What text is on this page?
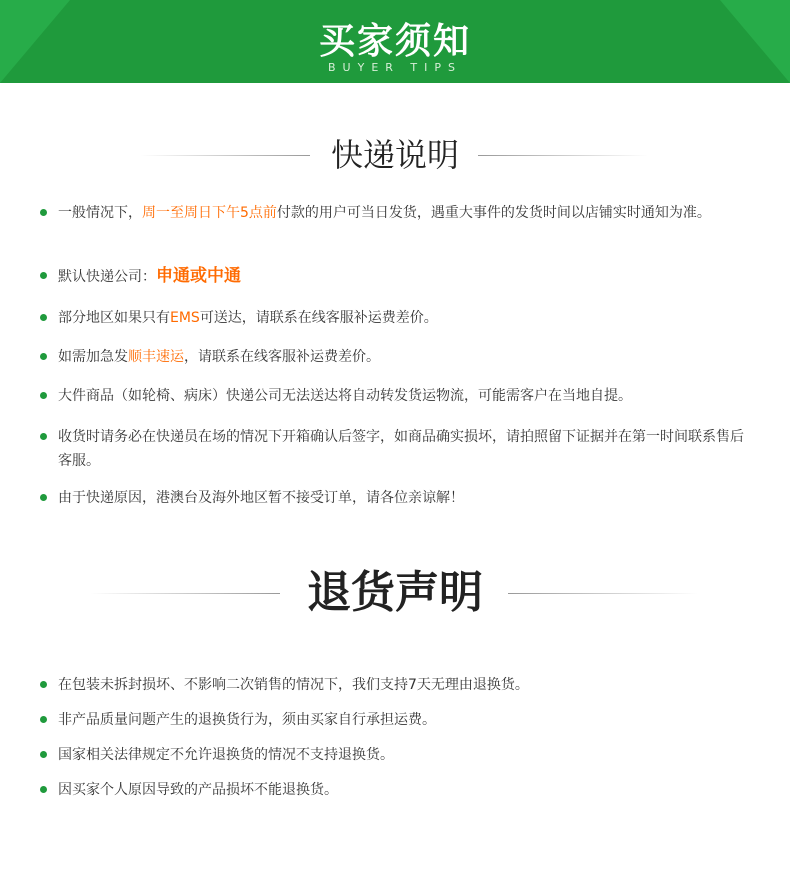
买家须知
BUYER TIPS
快递说明
一般情况下，周一至周日下午5点前付款的用户可当日发货，遇重大事件的发货时间以店铺实时通知为准。
默认快递公司：申通或中通
部分地区如果只有EMS可送达，请联系在线客服补运费差价。
如需加急发顺丰速运，请联系在线客服补运费差价。
大件商品（如轮椅、病床）快递公司无法送达将自动转发货运物流，可能需客户在当地自提。
收货时请务必在快递员在场的情况下开箱确认后签字，如商品确实损坏，请拍照留下证据并在第一时间联系售后客服。
由于快递原因，港澳台及海外地区暂不接受订单，请各位亲谅解！
退货声明
在包装未拆封损坏、不影响二次销售的情况下，我们支持7天无理由退换货。
非产品质量问题产生的退换货行为，须由买家自行承担运费。
国家相关法律规定不允许退换货的情况不支持退换货。
因买家个人原因导致的产品损坏不能退换货。
